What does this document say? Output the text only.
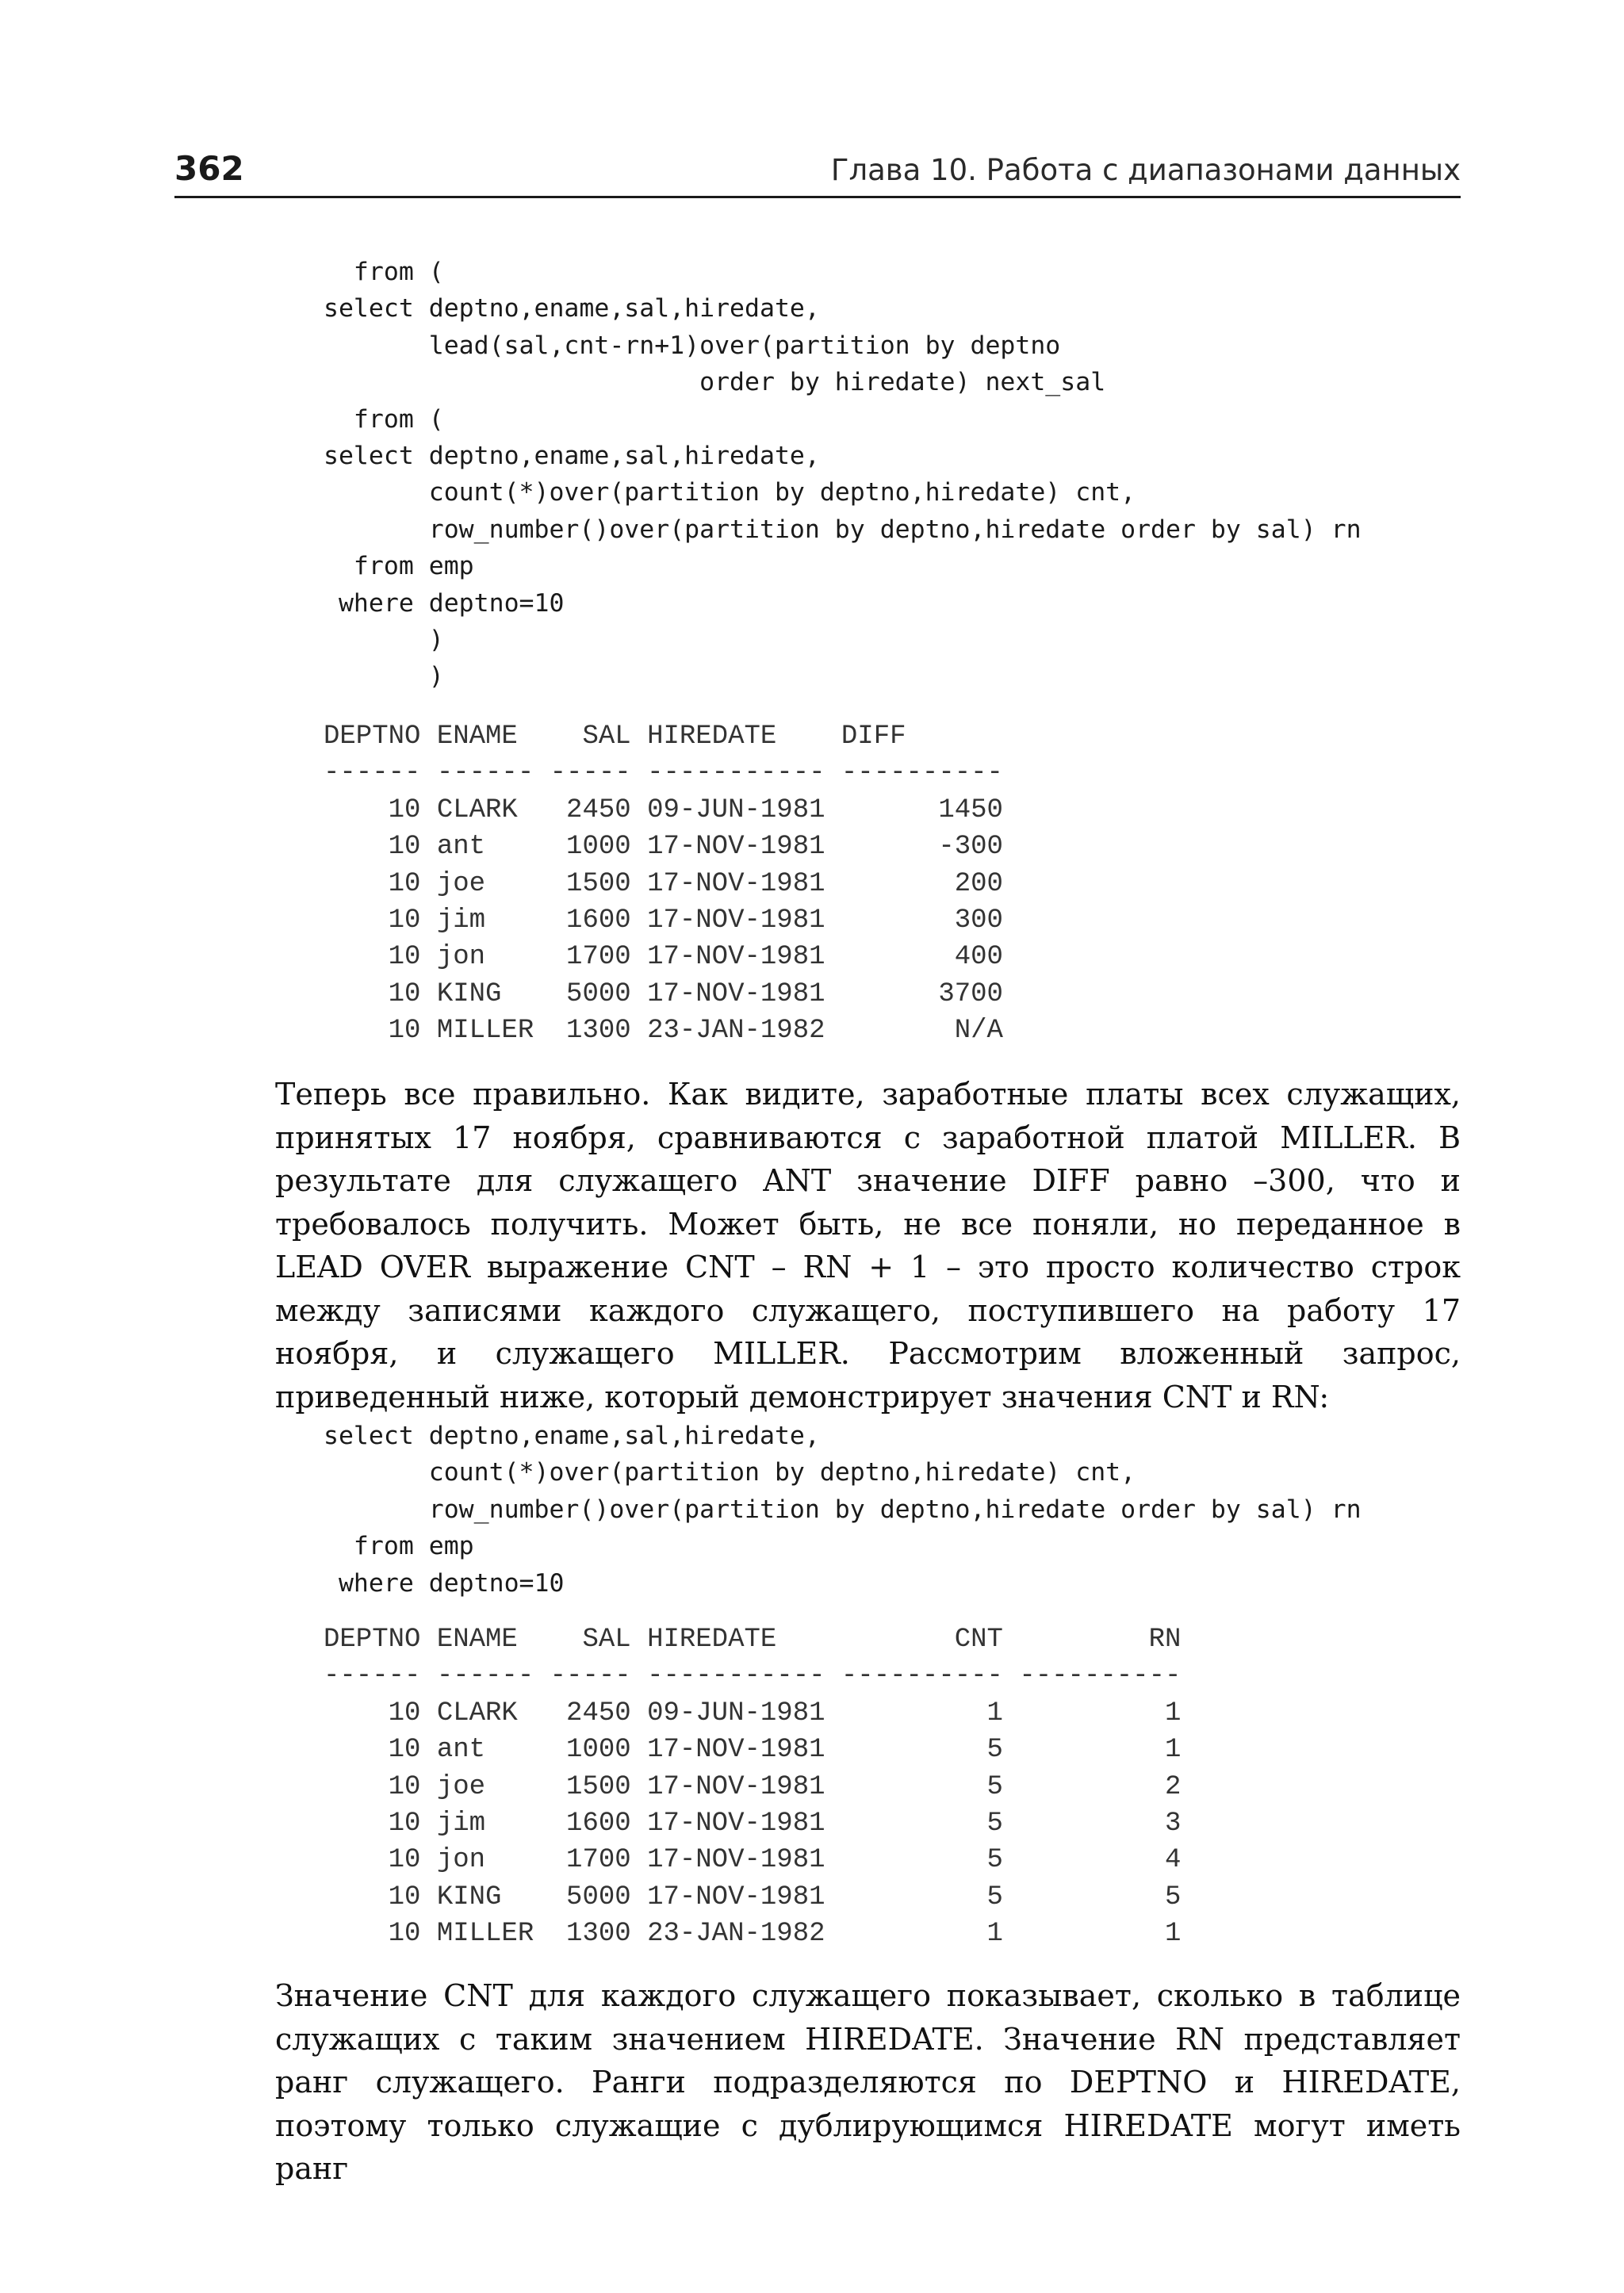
362	Глава 10. Работа с диапазонами данных
from (
select deptno,ename,sal,hiredate,
lead(sal,cnt-rn+1)over(partition by deptno
order by hiredate) next_sal
from (
select deptno,ename,sal,hiredate,
count(*)over(partition by deptno,hiredate) cnt,
row_number()over(partition by deptno,hiredate order by sal) rn
from emp
where deptno=10
)
)
DEPTNO ENAME    SAL HIREDATE    DIFF
------ ------ ----- ----------- ----------
10 CLARK   2450 09-JUN-1981       1450
10 ant     1000 17-NOV-1981       -300
10 joe     1500 17-NOV-1981        200
10 jim     1600 17-NOV-1981        300
10 jon     1700 17-NOV-1981        400
10 KING    5000 17-NOV-1981       3700
10 MILLER  1300 23-JAN-1982        N/A

Теперь все правильно. Как видите, заработные платы всех служащих, принятых 17 ноября, сравниваются с заработной платой MILLER. В результате для служащего ANT значение DIFF равно –300, что и требовалось получить. Может быть, не все поняли, но переданное в LEAD OVER выражение CNT – RN + 1 – это просто количество строк между записями каждого служащего, поступившего на работу 17 ноября, и служащего MILLER. Рассмотрим вложенный запрос, приведенный ниже, который демонстрирует значения CNT и RN:

select deptno,ename,sal,hiredate,
count(*)over(partition by deptno,hiredate) cnt,
row_number()over(partition by deptno,hiredate order by sal) rn
from emp
where deptno=10
DEPTNO ENAME    SAL HIREDATE           CNT         RN
------ ------ ----- ----------- ---------- ----------
10 CLARK   2450 09-JUN-1981          1          1
10 ant     1000 17-NOV-1981          5          1
10 joe     1500 17-NOV-1981          5          2
10 jim     1600 17-NOV-1981          5          3
10 jon     1700 17-NOV-1981          5          4
10 KING    5000 17-NOV-1981          5          5
10 MILLER  1300 23-JAN-1982          1          1

Значение CNT для каждого служащего показывает, сколько в таблице служащих с таким значением HIREDATE. Значение RN представляет ранг служащего. Ранги подразделяются по DEPTNO и HIREDATE, поэтому только служащие с дублирующимся HIREDATE могут иметь ранг
